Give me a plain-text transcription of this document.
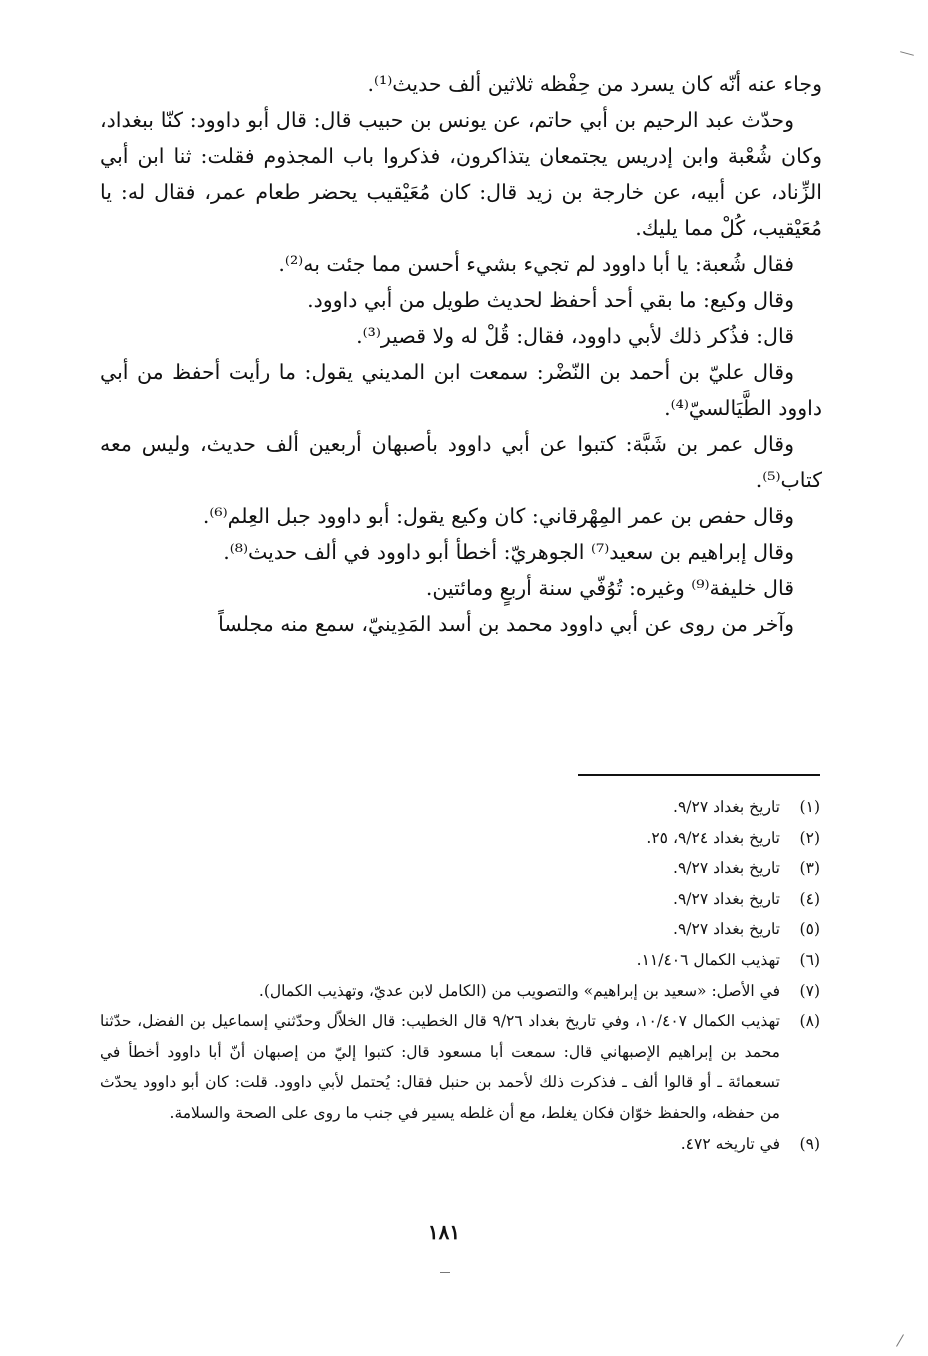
وجاء عنه أنّه كان يسرد من حِفْظه ثلاثين ألف حديث⁽¹⁾.

وحدّث عبد الرحيم بن أبي حاتم، عن يونس بن حبيب قال: قال أبو داوود: كنّا ببغداد، وكان شُعْبة وابن إدريس يجتمعان يتذاكرون، فذكروا باب المجذوم فقلت: ثنا ابن أبي الزِّناد، عن أبيه، عن خارجة بن زيد قال: كان مُعَيْقيب يحضر طعام عمر، فقال له: يا مُعَيْقيب، كُلْ مما يليك.

فقال شُعبة: يا أبا داوود لم تجيء بشيء أحسن مما جئت به⁽²⁾.

وقال وكيع: ما بقي أحد أحفظ لحديث طويل من أبي داوود.

قال: فذُكر ذلك لأبي داوود، فقال: قُلْ له ولا قصير⁽³⁾.

وقال عليّ بن أحمد بن النّضْر: سمعت ابن المديني يقول: ما رأيت أحفظ من أبي داوود الطَّيَالسيّ⁽⁴⁾.

وقال عمر بن شَبَّة: كتبوا عن أبي داوود بأصبهان أربعين ألف حديث، وليس معه كتاب⁽⁵⁾.

وقال حفص بن عمر المِهْرقاني: كان وكيع يقول: أبو داوود جبل العِلم⁽⁶⁾.

وقال إبراهيم بن سعيد⁽⁷⁾ الجوهريّ: أخطأ أبو داوود في ألف حديث⁽⁸⁾.

قال خليفة⁽⁹⁾ وغيره: تُوُفّي سنة أربعٍ ومائتين.

وآخر من روى عن أبي داوود محمد بن أسد المَدِينيّ، سمع منه مجلساً

(١)
تاريخ بغداد ٩/٢٧.
(٢)
تاريخ بغداد ٩/٢٤، ٢٥.
(٣)
تاريخ بغداد ٩/٢٧.
(٤)
تاريخ بغداد ٩/٢٧.
(٥)
تاريخ بغداد ٩/٢٧.
(٦)
تهذيب الكمال ١١/٤٠٦.
(٧)
في الأصل: «سعيد بن إبراهيم» والتصويب من (الكامل لابن عديّ، وتهذيب الكمال).
(٨)
تهذيب الكمال ١٠/٤٠٧، وفي تاريخ بغداد ٩/٢٦ قال الخطيب: قال الخلاّل وحدّثني إسماعيل بن الفضل، حدّثنا محمد بن إبراهيم الإصبهاني قال: سمعت أبا مسعود قال: كتبوا إليّ من إصبهان أنّ أبا داوود أخطأ في تسعمائة ـ أو قالوا ألف ـ فذكرت ذلك لأحمد بن حنبل فقال: يُحتمل لأبي داوود. قلت: كان أبو داوود يحدّث من حفظه، والحفظ خوّان فكان يغلط، مع أن غلطه يسير في جنب ما روى على الصحة والسلامة.
(٩)
في تاريخه ٤٧٢.
١٨١
